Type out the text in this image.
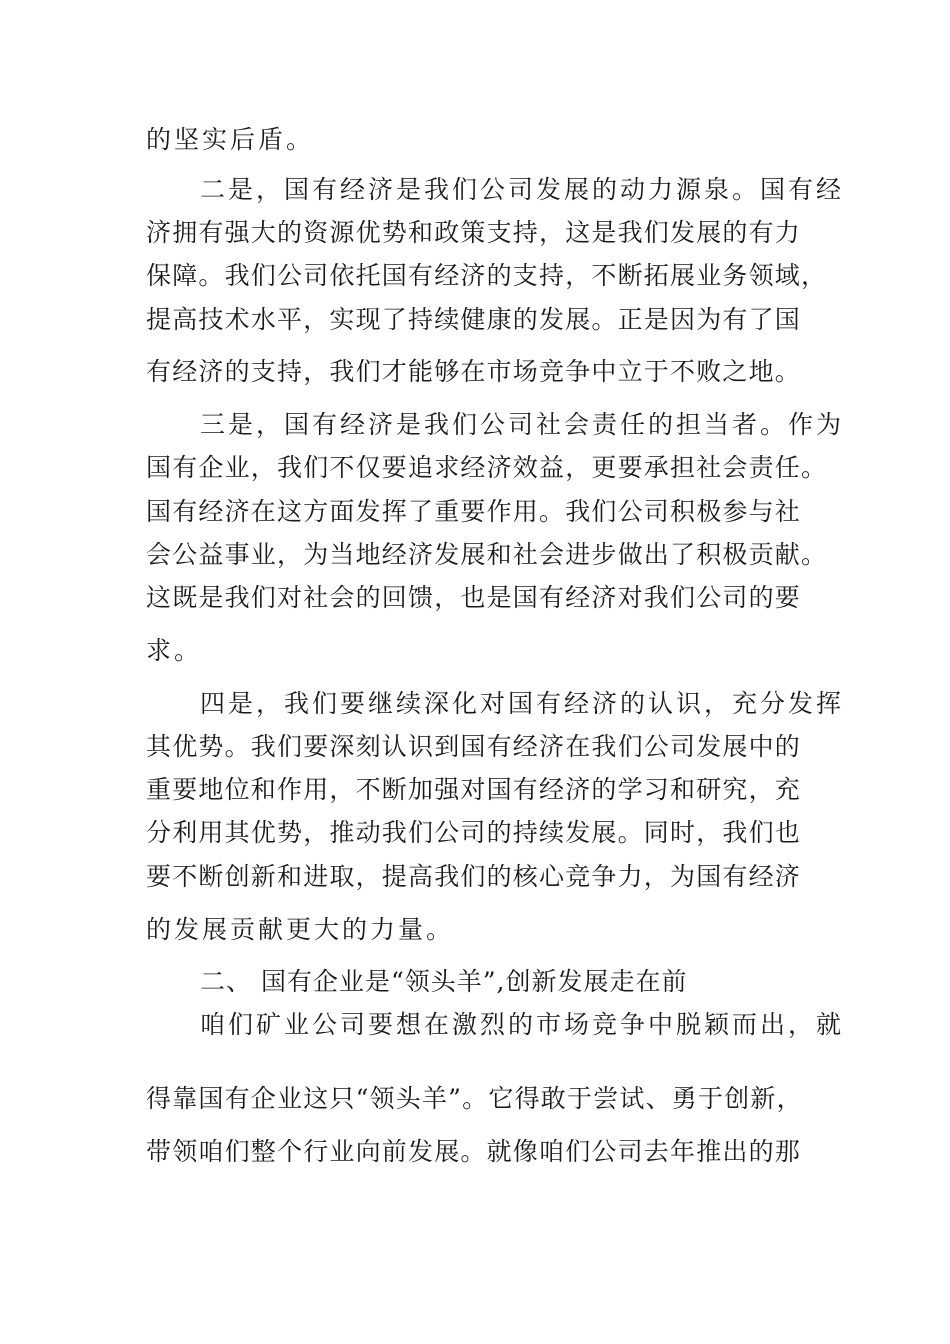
的坚实后盾。
二是，国有经济是我们公司发展的动力源泉。国有经
济拥有强大的资源优势和政策支持，这是我们发展的有力
保障。我们公司依托国有经济的支持，不断拓展业务领域，
提高技术水平，实现了持续健康的发展。正是因为有了国
有经济的支持，我们才能够在市场竞争中立于不败之地。
三是，国有经济是我们公司社会责任的担当者。作为
国有企业，我们不仅要追求经济效益，更要承担社会责任。
国有经济在这方面发挥了重要作用。我们公司积极参与社
会公益事业，为当地经济发展和社会进步做出了积极贡献。
这既是我们对社会的回馈，也是国有经济对我们公司的要
求。
四是，我们要继续深化对国有经济的认识，充分发挥
其优势。我们要深刻认识到国有经济在我们公司发展中的
重要地位和作用，不断加强对国有经济的学习和研究，充
分利用其优势，推动我们公司的持续发展。同时，我们也
要不断创新和进取，提高我们的核心竞争力，为国有经济
的发展贡献更大的力量。
二、 国有企业是“领头羊”,创新发展走在前
咱们矿业公司要想在激烈的市场竞争中脱颖而出，就
得靠国有企业这只“领头羊”。它得敢于尝试、勇于创新，
带领咱们整个行业向前发展。就像咱们公司去年推出的那
